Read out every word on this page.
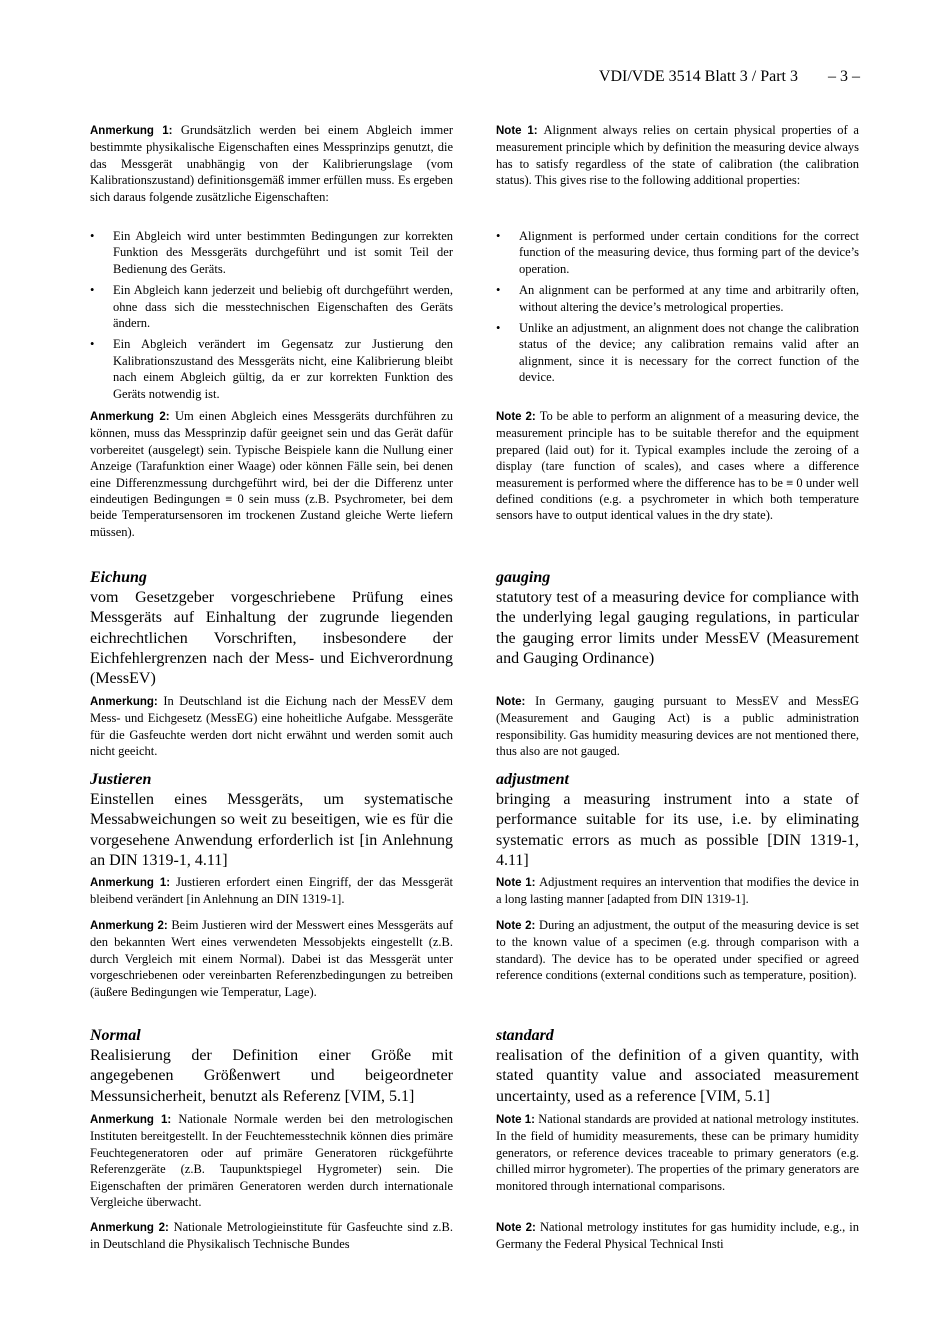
VDI/VDE 3514 Blatt 3 / Part 3 – 3 –

Anmerkung 1: Grundsätzlich werden bei einem Abgleich immer bestimmte physikalische Eigenschaften eines Messprinzips genutzt, die das Messgerät unabhängig von der Kalibrierungslage (vom Kalibrationszustand) definitionsgemäß immer erfüllen muss. Es ergeben sich daraus folgende zusätzliche Eigenschaften:

• Ein Abgleich wird unter bestimmten Bedingungen zur korrekten Funktion des Messgeräts durchgeführt und ist somit Teil der Bedienung des Geräts.
• Ein Abgleich kann jederzeit und beliebig oft durchgeführt werden, ohne dass sich die messtechnischen Eigenschaften des Geräts ändern.
• Ein Abgleich verändert im Gegensatz zur Justierung den Kalibrationszustand des Messgeräts nicht, eine Kalibrierung bleibt nach einem Abgleich gültig, da er zur korrekten Funktion des Geräts notwendig ist.

Anmerkung 2: Um einen Abgleich eines Messgeräts durchführen zu können, muss das Messprinzip dafür geeignet sein und das Gerät dafür vorbereitet (ausgelegt) sein. Typische Beispiele kann die Nullung einer Anzeige (Tarafunktion einer Waage) oder können Fälle sein, bei denen eine Differenzmessung durchgeführt wird, bei der die Differenz unter eindeutigen Bedingungen ≡ 0 sein muss (z.B. Psychrometer, bei dem beide Temperatursensoren im trockenen Zustand gleiche Werte liefern müssen).

Eichung

vom Gesetzgeber vorgeschriebene Prüfung eines Messgeräts auf Einhaltung der zugrunde liegenden eichrechtlichen Vorschriften, insbesondere der Eichfehlergrenzen nach der Mess- und Eichverordnung (MessEV)

Anmerkung: In Deutschland ist die Eichung nach der MessEV dem Mess- und Eichgesetz (MessEG) eine hoheitliche Aufgabe. Messgeräte für die Gasfeuchte werden dort nicht erwähnt und werden somit auch nicht geeicht.

Justieren

Einstellen eines Messgeräts, um systematische Messabweichungen so weit zu beseitigen, wie es für die vorgesehene Anwendung erforderlich ist [in Anlehnung an DIN 1319-1, 4.11]

Anmerkung 1: Justieren erfordert einen Eingriff, der das Messgerät bleibend verändert [in Anlehnung an DIN 1319-1].

Anmerkung 2: Beim Justieren wird der Messwert eines Messgeräts auf den bekannten Wert eines verwendeten Messobjekts eingestellt (z.B. durch Vergleich mit einem Normal). Dabei ist das Messgerät unter vorgeschriebenen oder vereinbarten Referenzbedingungen zu betreiben (äußere Bedingungen wie Temperatur, Lage).

Normal

Realisierung der Definition einer Größe mit angegebenen Größenwert und beigeordneter Messunsicherheit, benutzt als Referenz [VIM, 5.1]

Anmerkung 1: Nationale Normale werden bei den metrologischen Instituten bereitgestellt. In der Feuchtemesstechnik können dies primäre Feuchtegeneratoren oder auf primäre Generatoren rückgeführte Referenzgeräte (z.B. Taupunktspiegel Hygrometer) sein. Die Eigenschaften der primären Generatoren werden durch internationale Vergleiche überwacht.

Anmerkung 2: Nationale Metrologieinstitute für Gasfeuchte sind z.B. in Deutschland die Physikalisch Technische Bundes

Note 1: Alignment always relies on certain physical properties of a measurement principle which by definition the measuring device always has to satisfy regardless of the state of calibration (the calibration status). This gives rise to the following additional properties:

• Alignment is performed under certain conditions for the correct function of the measuring device, thus forming part of the device’s operation.
• An alignment can be performed at any time and arbitrarily often, without altering the device’s metrological properties.
• Unlike an adjustment, an alignment does not change the calibration status of the device; any calibration remains valid after an alignment, since it is necessary for the correct function of the device.

Note 2: To be able to perform an alignment of a measuring device, the measurement principle has to be suitable therefor and the equipment prepared (laid out) for it. Typical examples include the zeroing of a display (tare function of scales), and cases where a difference measurement is performed where the difference has to be ≡ 0 under well defined conditions (e.g. a psychrometer in which both temperature sensors have to output identical values in the dry state).

gauging

statutory test of a measuring device for compliance with the underlying legal gauging regulations, in particular the gauging error limits under MessEV (Measurement and Gauging Ordinance)

Note: In Germany, gauging pursuant to MessEV and MessEG (Measurement and Gauging Act) is a public administration responsibility. Gas humidity measuring devices are not mentioned there, thus also are not gauged.

adjustment

bringing a measuring instrument into a state of performance suitable for its use, i.e. by eliminating systematic errors as much as possible [DIN 1319-1, 4.11]

Note 1: Adjustment requires an intervention that modifies the device in a long lasting manner [adapted from DIN 1319-1].

Note 2: During an adjustment, the output of the measuring device is set to the known value of a specimen (e.g. through comparison with a standard). The device has to be operated under specified or agreed reference conditions (external conditions such as temperature, position).

standard

realisation of the definition of a given quantity, with stated quantity value and associated measurement uncertainty, used as a reference [VIM, 5.1]

Note 1: National standards are provided at national metrology institutes. In the field of humidity measurements, these can be primary humidity generators, or reference devices traceable to primary generators (e.g. chilled mirror hygrometer). The properties of the primary generators are monitored through international comparisons.

Note 2: National metrology institutes for gas humidity include, e.g., in Germany the Federal Physical Technical Insti
